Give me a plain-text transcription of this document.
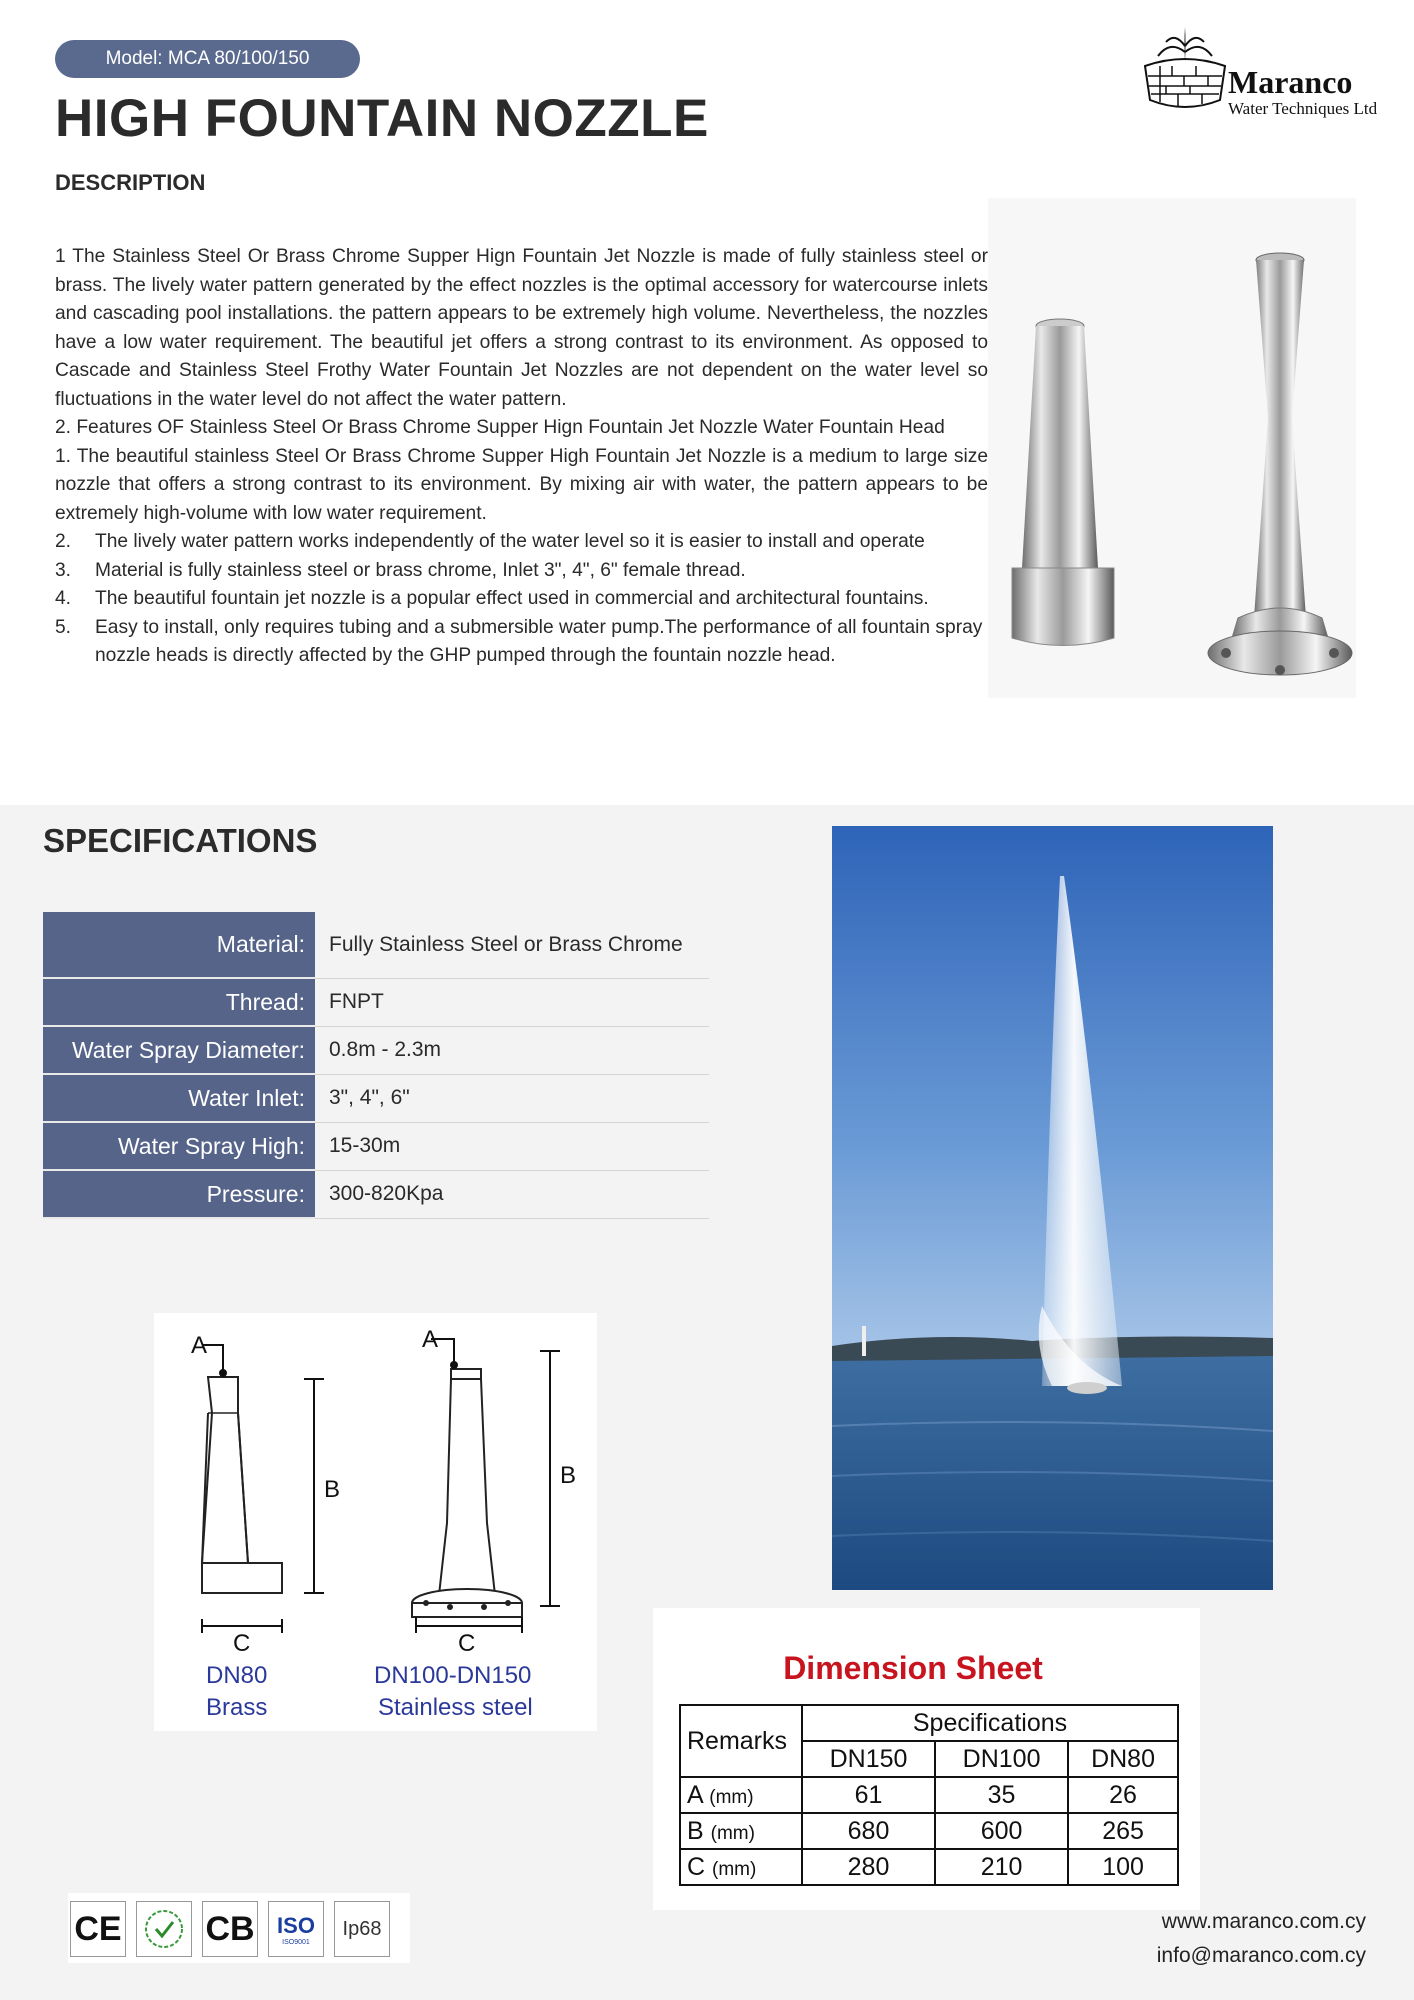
Model: MCA 80/100/150
HIGH FOUNTAIN NOZZLE
DESCRIPTION
Maranco
Water Techniques Ltd

1 The Stainless Steel Or Brass Chrome Supper Hign Fountain Jet Nozzle is made of fully stainless steel or brass. The lively water pattern generated by the effect nozzles is the optimal accessory for watercourse inlets and cascading pool installations. the pattern appears to be extremely high volume. Nevertheless, the nozzles have a low water requirement. The beautiful jet offers a strong contrast to its environment. As opposed to Cascade and Stainless Steel Frothy Water Fountain Jet Nozzles are not dependent on the water level so fluctuations in the water level do not affect the water pattern.

2. Features OF Stainless Steel Or Brass Chrome Supper Hign Fountain Jet Nozzle Water Fountain Head

1. The beautiful stainless Steel Or Brass Chrome Supper High Fountain Jet Nozzle is a medium to large size nozzle that offers a strong contrast to its environment. By mixing air with water, the pattern appears to be extremely high-volume with low water requirement.

2. The lively water pattern works independently of the water level so it is easier to install and operate
3. Material is fully stainless steel or brass chrome, Inlet 3", 4", 6" female thread.
4. The beautiful fountain jet nozzle is a popular effect used in commercial and architectural fountains.
5. Easy to install, only requires tubing and a submersible water pump.The performance of all fountain spray nozzle heads is directly affected by the GHP pumped through the fountain nozzle head.
SPECIFICATIONS
Material:	Fully Stainless Steel or Brass Chrome
Thread:	FNPT
Water Spray Diameter:	0.8m - 2.3m
Water Inlet:	3", 4", 6"
Water Spray High:	15-30m
Pressure:	300-820Kpa
A
B
C
A
B
C
DN80
Brass
DN100-DN150
Stainless steel
Dimension Sheet
Remarks	Specifications		
	DN150	DN100	DN80
A (mm)	61	35	26
B (mm)	680	600	265
C (mm)	280	210	100
CE CB ISO
ISO9001
Ip68	www.maranco.com.cy
info@maranco.com.cy
